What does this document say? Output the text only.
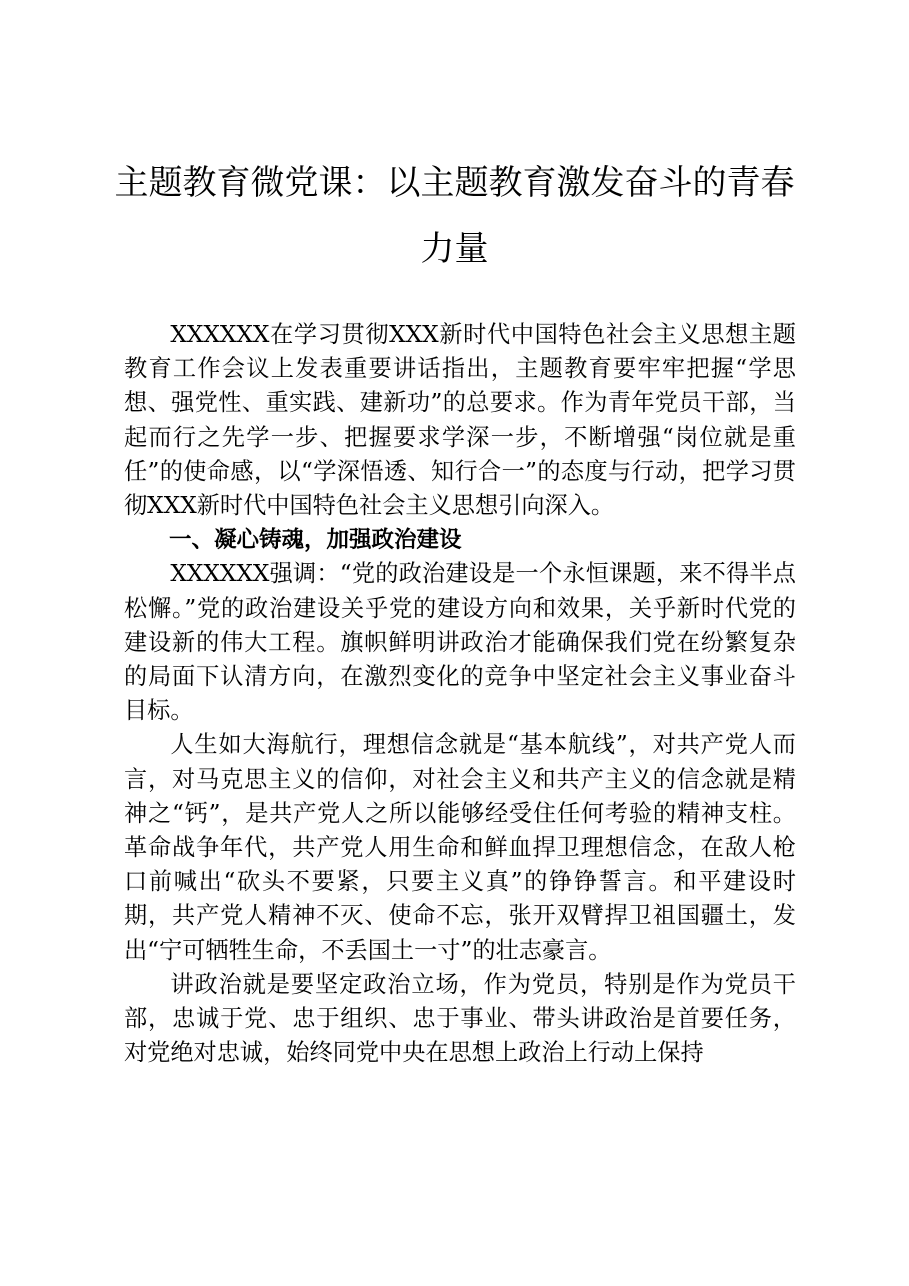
主题教育微党课：以主题教育激发奋斗的青春力量

XXXXXX在学习贯彻XXX新时代中国特色社会主义思想主题教育工作会议上发表重要讲话指出，主题教育要牢牢把握“学思想、强党性、重实践、建新功”的总要求。作为青年党员干部，当起而行之先学一步、把握要求学深一步，不断增强“岗位就是重任”的使命感，以“学深悟透、知行合一”的态度与行动，把学习贯彻XXX新时代中国特色社会主义思想引向深入。

一、凝心铸魂，加强政治建设

XXXXXX强调：“党的政治建设是一个永恒课题，来不得半点松懈。”党的政治建设关乎党的建设方向和效果，关乎新时代党的建设新的伟大工程。旗帜鲜明讲政治才能确保我们党在纷繁复杂的局面下认清方向，在激烈变化的竞争中坚定社会主义事业奋斗目标。

人生如大海航行，理想信念就是“基本航线”，对共产党人而言，对马克思主义的信仰，对社会主义和共产主义的信念就是精神之“钙”，是共产党人之所以能够经受住任何考验的精神支柱。革命战争年代，共产党人用生命和鲜血捍卫理想信念，在敌人枪口前喊出“砍头不要紧，只要主义真”的铮铮誓言。和平建设时期，共产党人精神不灭、使命不忘，张开双臂捍卫祖国疆土，发出“宁可牺牲生命，不丢国土一寸”的壮志豪言。

讲政治就是要坚定政治立场，作为党员，特别是作为党员干部，忠诚于党、忠于组织、忠于事业、带头讲政治是首要任务，对党绝对忠诚，始终同党中央在思想上政治上行动上保持
